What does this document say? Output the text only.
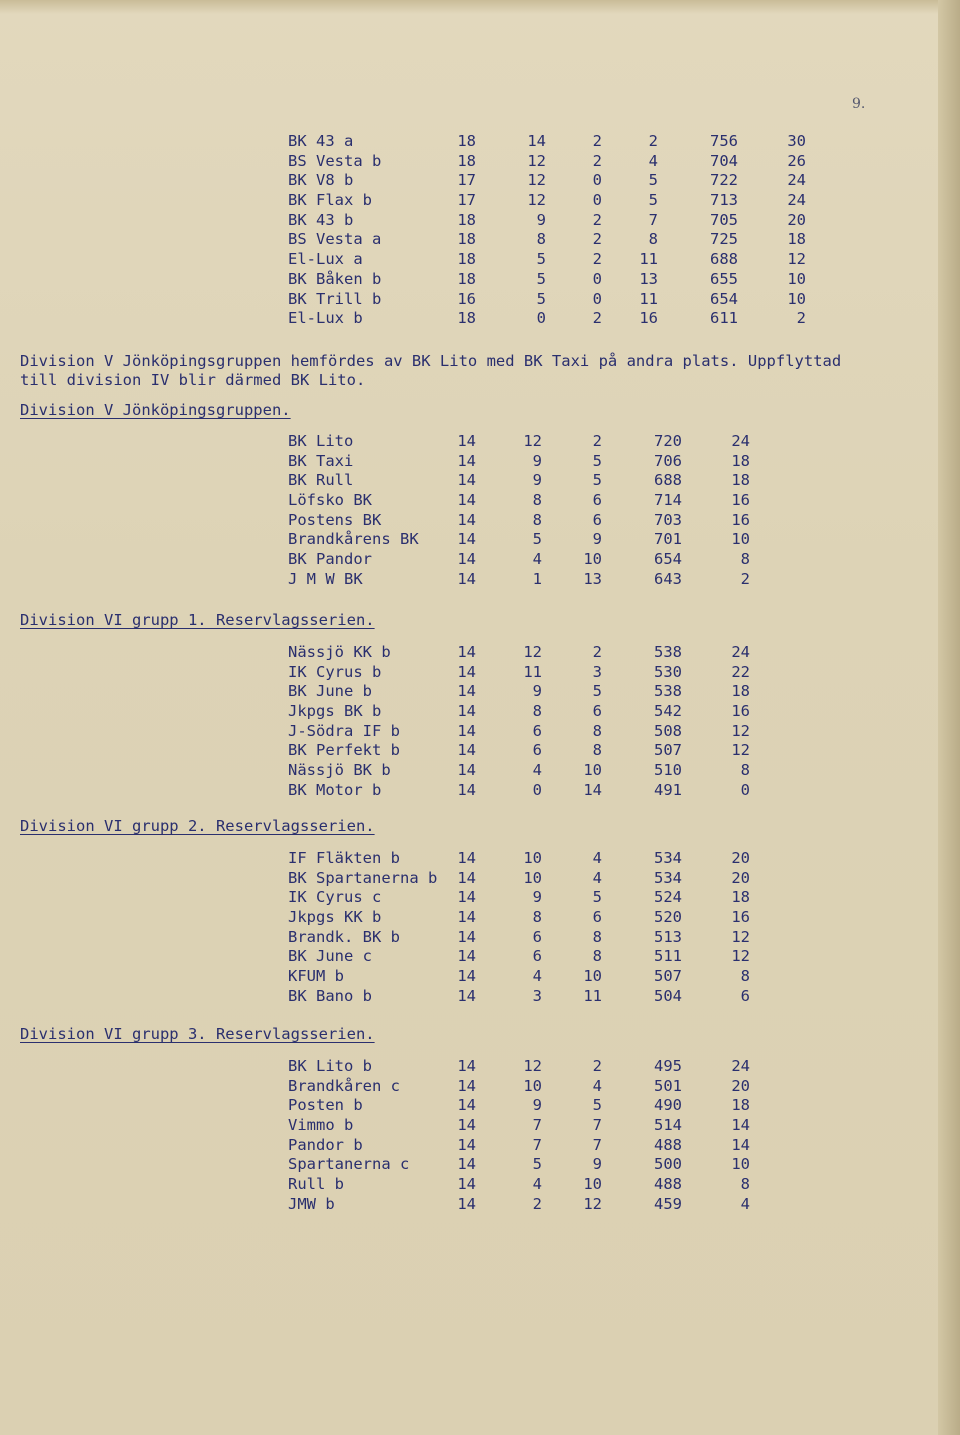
9.
BK 43 a	18	14	2	2	756	30
BS Vesta b	18	12	2	4	704	26
BK V8 b	17	12	0	5	722	24
BK Flax b	17	12	0	5	713	24
BK 43 b	18	9	2	7	705	20
BS Vesta a	18	8	2	8	725	18
El-Lux a	18	5	2	11	688	12
BK Båken b	18	5	0	13	655	10
BK Trill b	16	5	0	11	654	10
El-Lux b	18	0	2	16	611	2
Division V Jönköpingsgruppen hemfördes av BK Lito med BK Taxi på andra plats. Uppflyttad
till division IV blir därmed BK Lito.
Division V Jönköpingsgruppen.
BK Lito	14	12	2	720	24
BK Taxi	14	9	5	706	18
BK Rull	14	9	5	688	18
Löfsko BK	14	8	6	714	16
Postens BK	14	8	6	703	16
Brandkårens BK	14	5	9	701	10
BK Pandor	14	4	10	654	8
J M W BK	14	1	13	643	2
Division VI grupp 1. Reservlagsserien.
Nässjö KK b	14	12	2	538	24
IK Cyrus b	14	11	3	530	22
BK June b	14	9	5	538	18
Jkpgs BK b	14	8	6	542	16
J-Södra IF b	14	6	8	508	12
BK Perfekt b	14	6	8	507	12
Nässjö BK b	14	4	10	510	8
BK Motor b	14	0	14	491	0
Division VI grupp 2. Reservlagsserien.
IF Fläkten b	14	10	4	534	20
BK Spartanerna b	14	10	4	534	20
IK Cyrus c	14	9	5	524	18
Jkpgs KK b	14	8	6	520	16
Brandk. BK b	14	6	8	513	12
BK June c	14	6	8	511	12
KFUM b	14	4	10	507	8
BK Bano b	14	3	11	504	6
Division VI grupp 3. Reservlagsserien.
BK Lito b	14	12	2	495	24
Brandkåren c	14	10	4	501	20
Posten b	14	9	5	490	18
Vimmo b	14	7	7	514	14
Pandor b	14	7	7	488	14
Spartanerna c	14	5	9	500	10
Rull b	14	4	10	488	8
JMW b	14	2	12	459	4
